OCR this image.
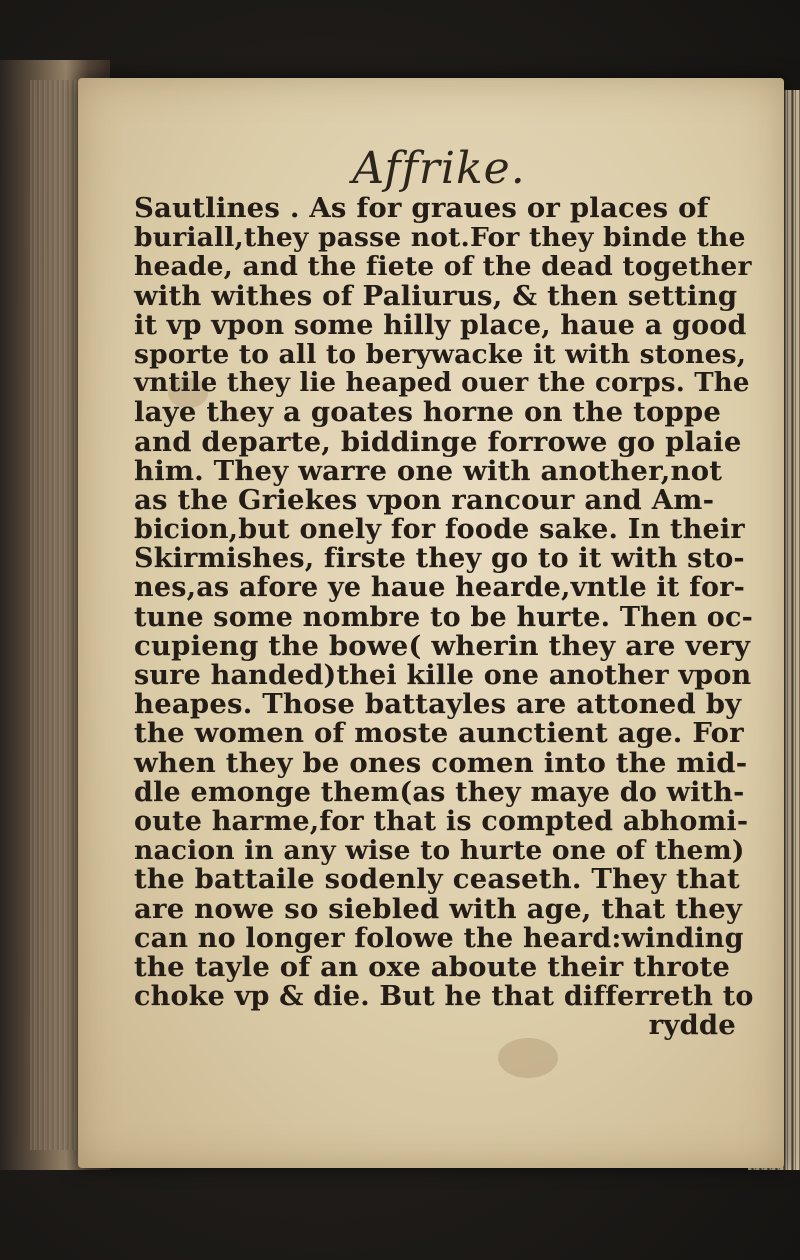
Affrike.
Sautlines . As for graues or places of
buriall,they passe not.For they binde the
heade, and the fiete of the dead together
with withes of Paliurus, & then setting
it vp vpon some hilly place, haue a good
sporte to all to berywacke it with stones,
vntile they lie heaped ouer the corps. The
laye they a goates horne on the toppe
and departe, biddinge forrowe go plaie
him. They warre one with another,not
as the Griekes vpon rancour and Am-
bicion,but onely for foode sake. In their
Skirmishes, firste they go to it with sto-
nes,as afore ye haue hearde,vntle it for-
tune some nombre to be hurte. Then oc-
cupieng the bowe( wherin they are very
sure handed)thei kille one another vpon
heapes. Those battayles are attoned by
the women of moste aunctient age. For
when they be ones comen into the mid-
dle emonge them(as they maye do with-
oute harme,for that is compted abhomi-
nacion in any wise to hurte one of them)
the battaile sodenly ceaseth. They that
are nowe so siebled with age, that they
can no longer folowe the heard:winding
the tayle of an oxe aboute their throte
choke vp & die. But he that differreth to
rydde
